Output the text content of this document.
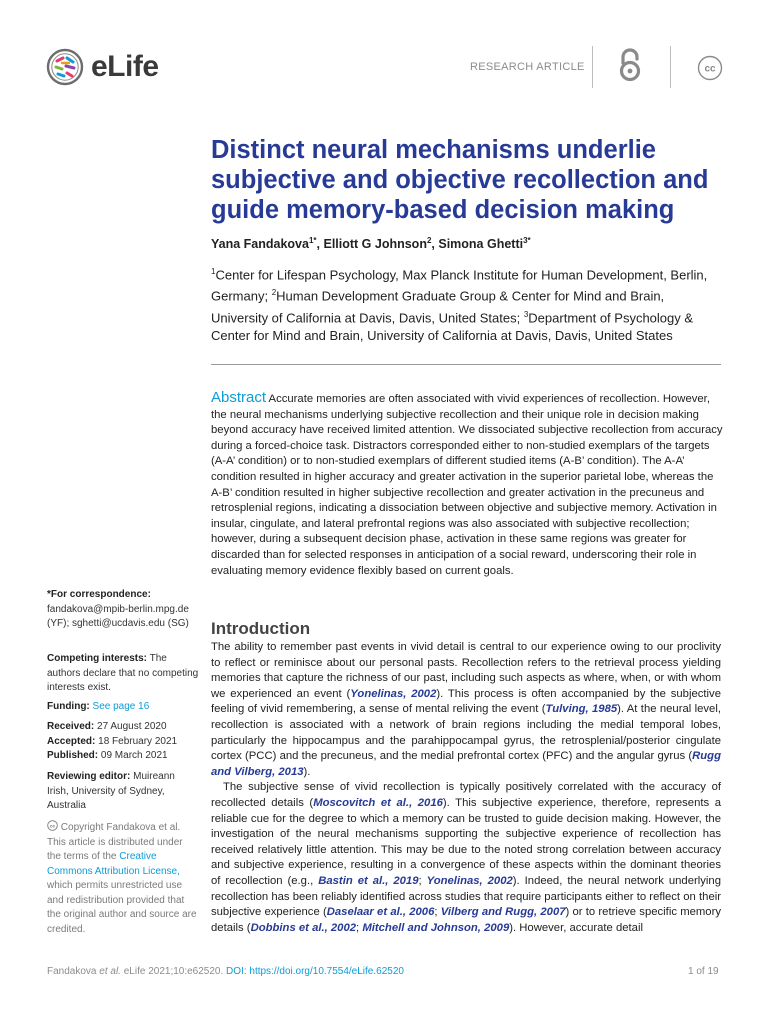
eLife	RESEARCH ARTICLE	cc
Distinct neural mechanisms underlie subjective and objective recollection and guide memory-based decision making
Yana Fandakova$^{1*}$, Elliott G Johnson$^2$, Simona Ghetti$^{3*}$

$^1$Center for Lifespan Psychology, Max Planck Institute for Human Development, Berlin, Germany; $^2$Human Development Graduate Group & Center for Mind and Brain, University of California at Davis, Davis, United States; $^3$Department of Psychology & Center for Mind and Brain, University of California at Davis, Davis, United States

Abstract Accurate memories are often associated with vivid experiences of recollection. However, the neural mechanisms underlying subjective recollection and their unique role in decision making beyond accuracy have received limited attention. We dissociated subjective recollection from accuracy during a forced-choice task. Distractors corresponded either to non-studied exemplars of the targets (A-A’ condition) or to non-studied exemplars of different studied items (A-B’ condition). The A-A’ condition resulted in higher accuracy and greater activation in the superior parietal lobe, whereas the A-B’ condition resulted in higher subjective recollection and greater activation in the precuneus and retrosplenial regions, indicating a dissociation between objective and subjective memory. Activation in insular, cingulate, and lateral prefrontal regions was also associated with subjective recollection; however, during a subsequent decision phase, activation in these same regions was greater for discarded than for selected responses in anticipation of a social reward, underscoring their role in evaluating memory evidence flexibly based on current goals.

*For correspondence:
fandakova@mpib-berlin.mpg.de (YF); sghetti@ucdavis.edu (SG)
Competing interests: The authors declare that no competing interests exist.
Funding: See page 16
Received: 27 August 2020
Accepted: 18 February 2021
Published: 09 March 2021
Reviewing editor: Muireann Irish, University of Sydney, Australia
cc Copyright Fandakova et al. This article is distributed under the terms of the Creative Commons Attribution License, which permits unrestricted use and redistribution provided that the original author and source are credited.
Introduction

The ability to remember past events in vivid detail is central to our experience owing to our proclivity to reflect or reminisce about our personal pasts. Recollection refers to the retrieval process yielding memories that capture the richness of our past, including such aspects as where, when, or with whom we experienced an event (Yonelinas, 2002). This process is often accompanied by the subjective feeling of vivid remembering, a sense of mental reliving the event (Tulving, 1985). At the neural level, recollection is associated with a network of brain regions including the medial temporal lobes, particularly the hippocampus and the parahippocampal gyrus, the retrosplenial/posterior cingulate cortex (PCC) and the precuneus, and the medial prefrontal cortex (PFC) and the angular gyrus (Rugg and Vilberg, 2013).

The subjective sense of vivid recollection is typically positively correlated with the accuracy of recollected details (Moscovitch et al., 2016). This subjective experience, therefore, represents a reliable cue for the degree to which a memory can be trusted to guide decision making. However, the investigation of the neural mechanisms supporting the subjective experience of recollection has received relatively little attention. This may be due to the noted strong correlation between accuracy and subjective experience, resulting in a convergence of these aspects within the dominant theories of recollection (e.g., Bastin et al., 2019; Yonelinas, 2002). Indeed, the neural network underlying recollection has been reliably identified across studies that require participants either to reflect on their subjective experience (Daselaar et al., 2006; Vilberg and Rugg, 2007) or to retrieve specific memory details (Dobbins et al., 2002; Mitchell and Johnson, 2009). However, accurate detail

Fandakova et al. eLife 2021;10:e62520. DOI: https://doi.org/10.7554/eLife.62520	1 of 19
